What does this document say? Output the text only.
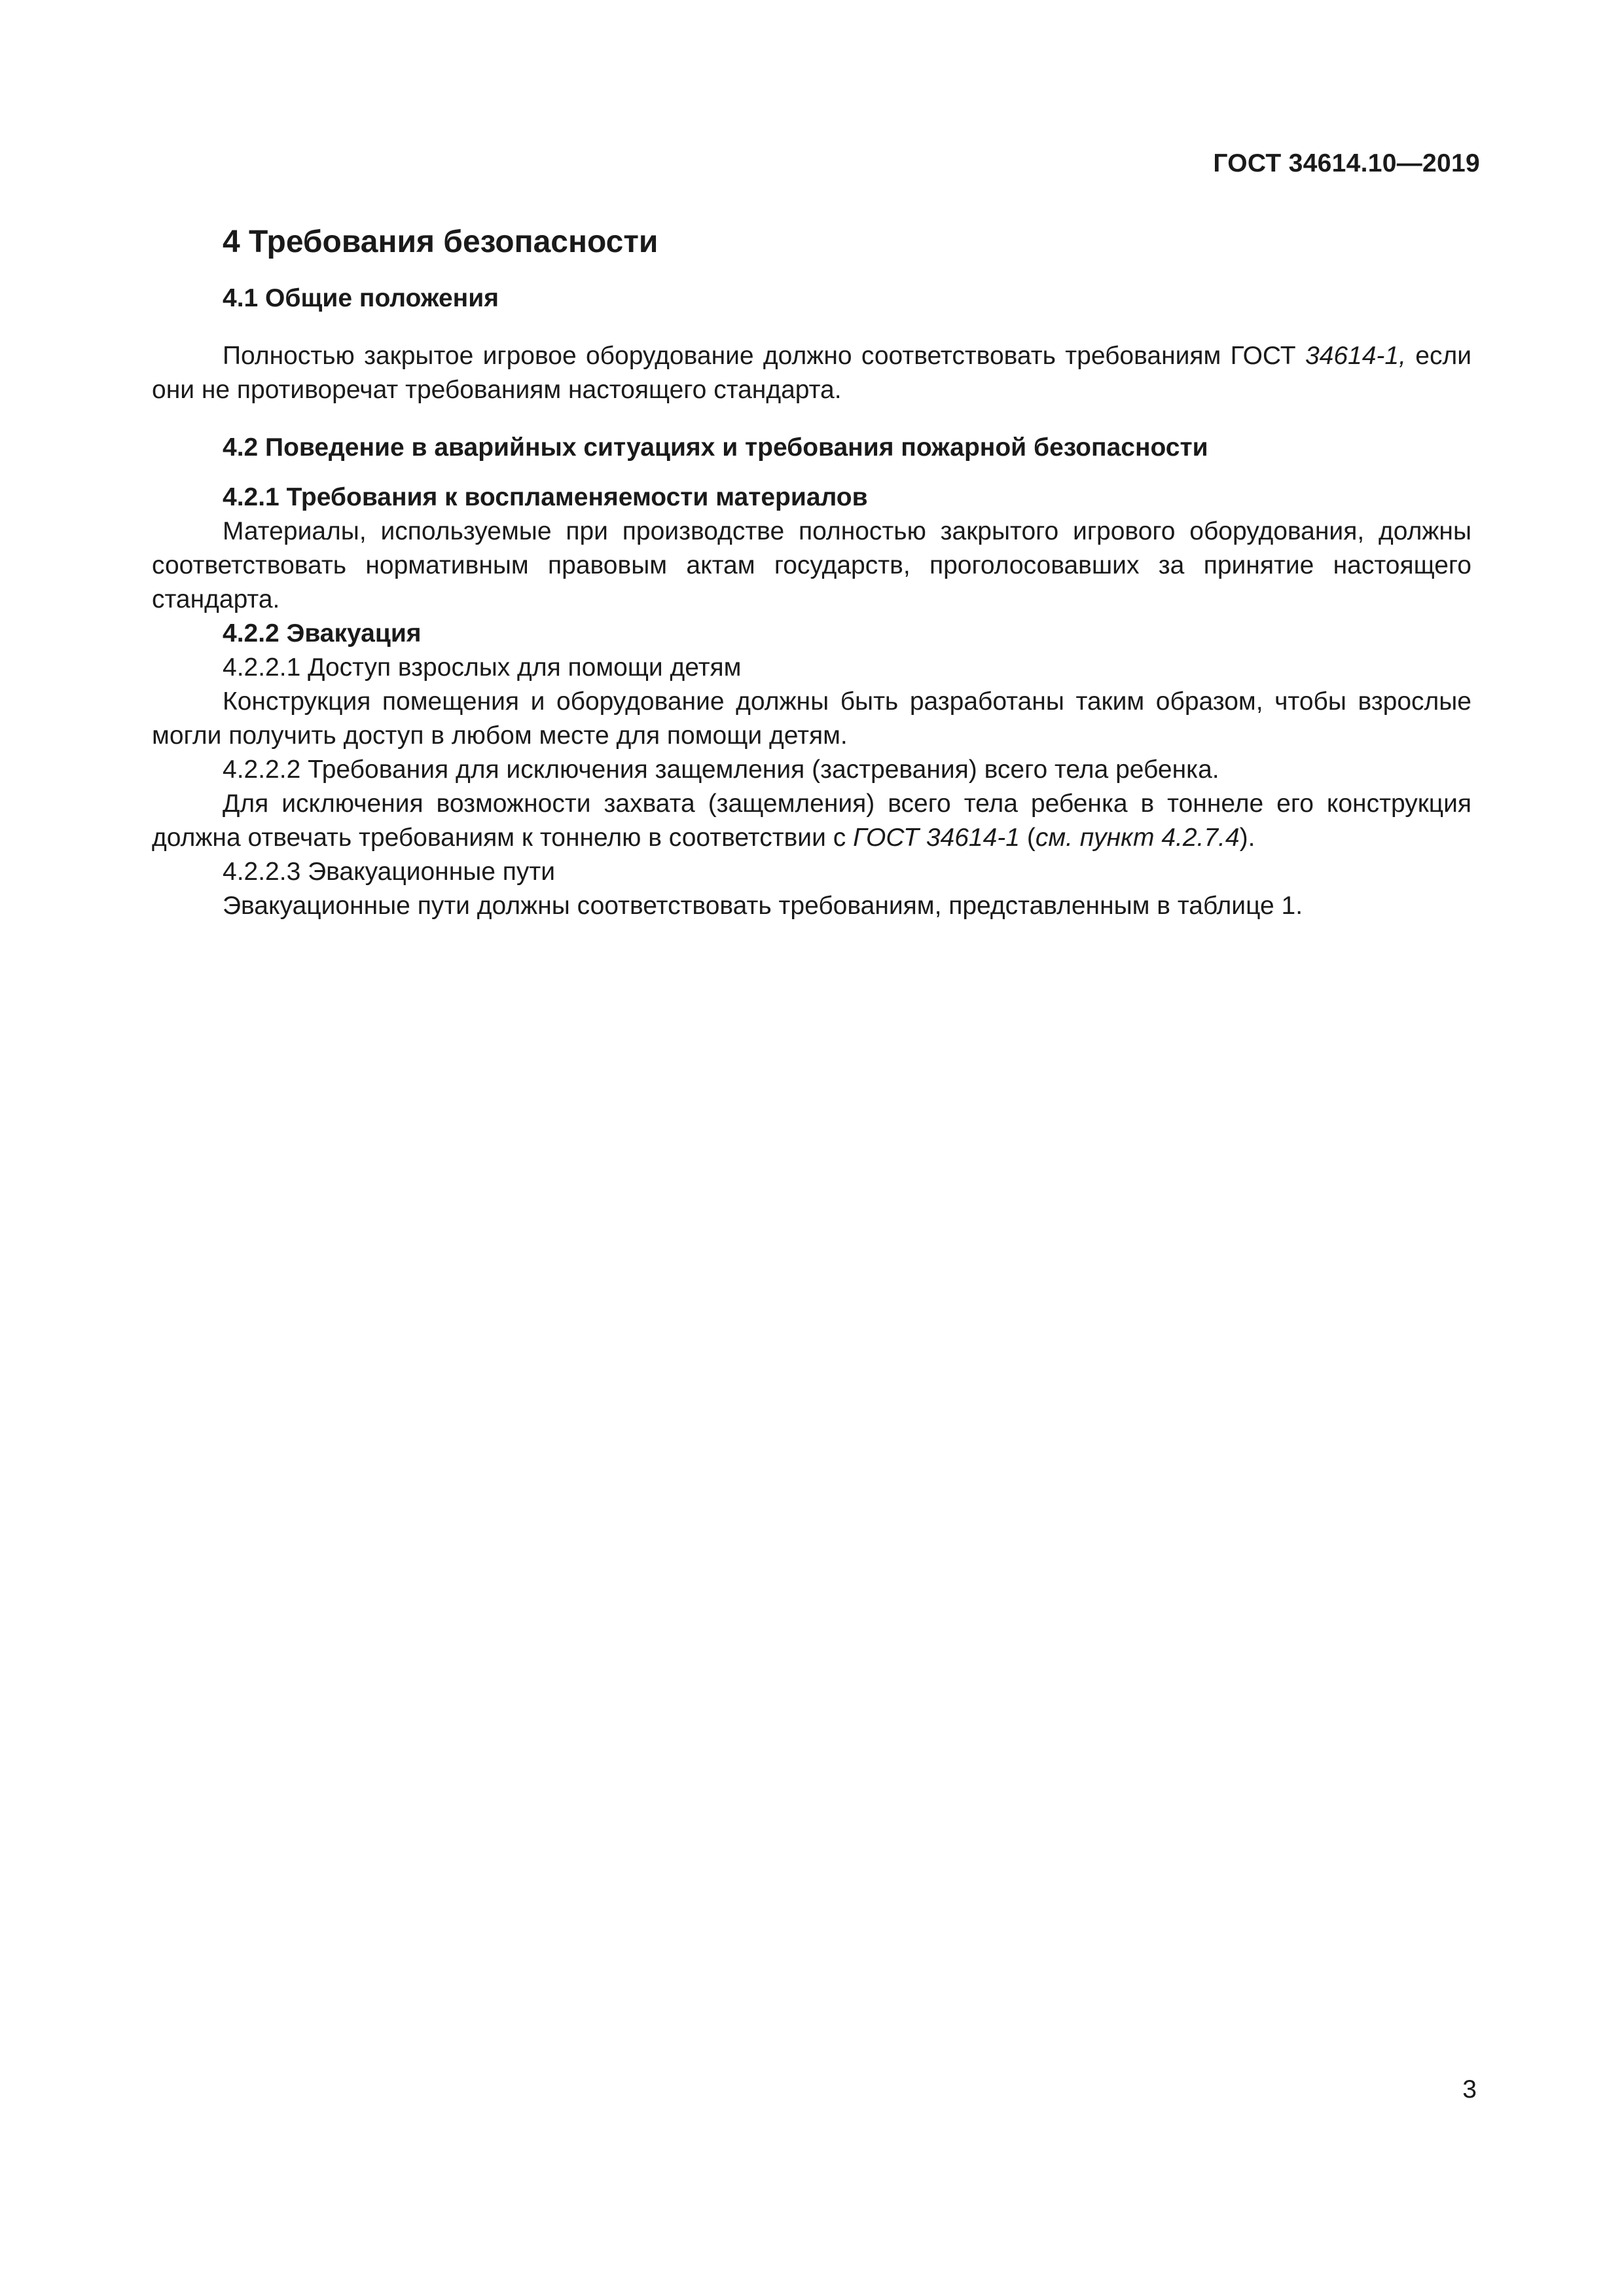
ГОСТ 34614.10—2019
4 Требования безопасности
4.1 Общие положения

Полностью закрытое игровое оборудование должно соответствовать требованиям ГОСТ 34614-1, если они не противоречат требованиям настоящего стандарта.

4.2 Поведение в аварийных ситуациях и требования пожарной безопасности
4.2.1 Требования к воспламеняемости материалов

Материалы, используемые при производстве полностью закрытого игрового оборудования, должны соответствовать нормативным правовым актам государств, проголосовавших за принятие настоящего стандарта.

4.2.2 Эвакуация
4.2.2.1 Доступ взрослых для помощи детям

Конструкция помещения и оборудование должны быть разработаны таким образом, чтобы взрослые могли получить доступ в любом месте для помощи детям.

4.2.2.2 Требования для исключения защемления (застревания) всего тела ребенка.

Для исключения возможности захвата (защемления) всего тела ребенка в тоннеле его конструкция должна отвечать требованиям к тоннелю в соответствии с ГОСТ 34614-1 (см. пункт 4.2.7.4).

4.2.2.3 Эвакуационные пути

Эвакуационные пути должны соответствовать требованиям, представленным в таблице 1.

3
